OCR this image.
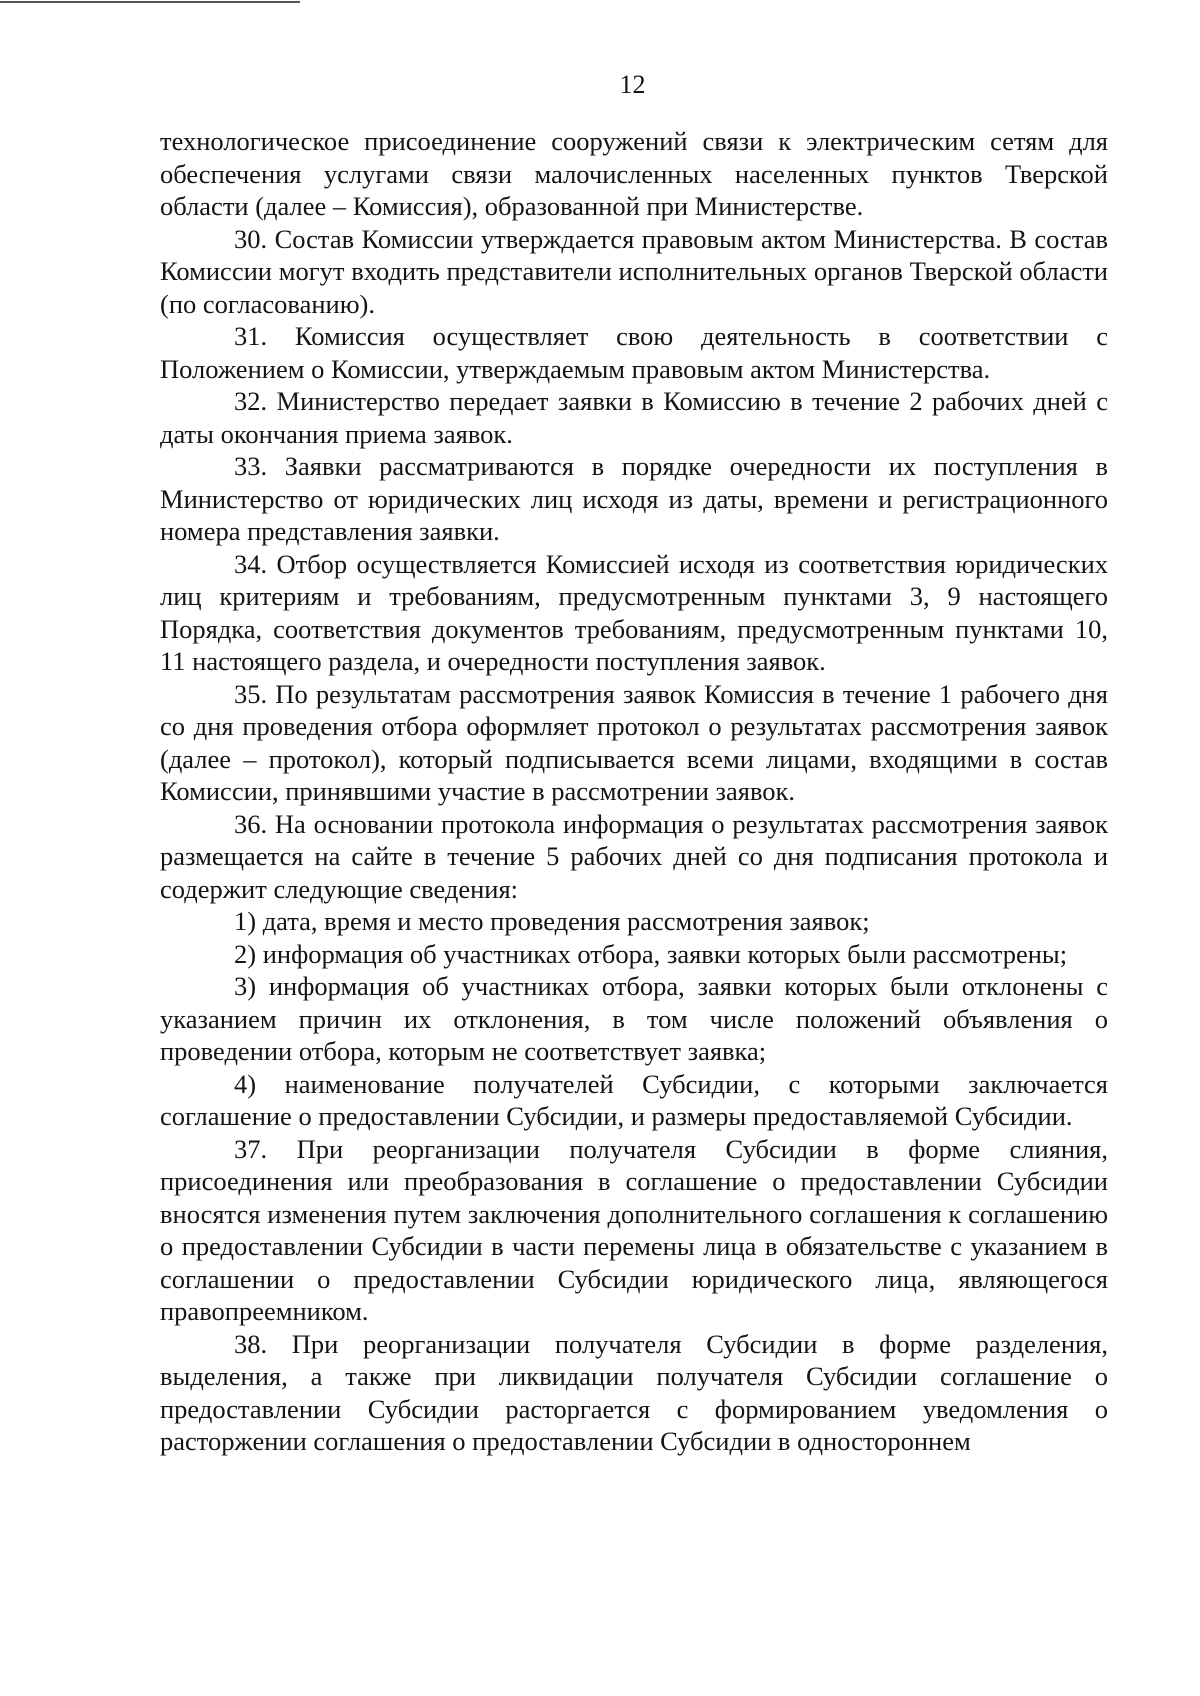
12

технологическое присоединение сооружений связи к электрическим сетям для обеспечения услугами связи малочисленных населенных пунктов Тверской области (далее – Комиссия), образованной при Министерстве.

30. Состав Комиссии утверждается правовым актом Министерства. В состав Комиссии могут входить представители исполнительных органов Тверской области (по согласованию).

31. Комиссия осуществляет свою деятельность в соответствии с Положением о Комиссии, утверждаемым правовым актом Министерства.

32. Министерство передает заявки в Комиссию в течение 2 рабочих дней с даты окончания приема заявок.

33. Заявки рассматриваются в порядке очередности их поступления в Министерство от юридических лиц исходя из даты, времени и регистрационного номера представления заявки.

34. Отбор осуществляется Комиссией исходя из соответствия юридических лиц критериям и требованиям, предусмотренным пунктами 3, 9 настоящего Порядка, соответствия документов требованиям, предусмотренным пунктами 10, 11 настоящего раздела, и очередности поступления заявок.

35. По результатам рассмотрения заявок Комиссия в течение 1 рабочего дня со дня проведения отбора оформляет протокол о результатах рассмотрения заявок (далее – протокол), который подписывается всеми лицами, входящими в состав Комиссии, принявшими участие в рассмотрении заявок.

36. На основании протокола информация о результатах рассмотрения заявок размещается на сайте в течение 5 рабочих дней со дня подписания протокола и содержит следующие сведения:

1) дата, время и место проведения рассмотрения заявок;

2) информация об участниках отбора, заявки которых были рассмотрены;

3) информация об участниках отбора, заявки которых были отклонены с указанием причин их отклонения, в том числе положений объявления о проведении отбора, которым не соответствует заявка;

4) наименование получателей Субсидии, с которыми заключается соглашение о предоставлении Субсидии, и размеры предоставляемой Субсидии.

37. При реорганизации получателя Субсидии в форме слияния, присоединения или преобразования в соглашение о предоставлении Субсидии вносятся изменения путем заключения дополнительного соглашения к соглашению о предоставлении Субсидии в части перемены лица в обязательстве с указанием в соглашении о предоставлении Субсидии юридического лица, являющегося правопреемником.

38. При реорганизации получателя Субсидии в форме разделения, выделения, а также при ликвидации получателя Субсидии соглашение о предоставлении Субсидии расторгается с формированием уведомления о расторжении соглашения о предоставлении Субсидии в одностороннем
